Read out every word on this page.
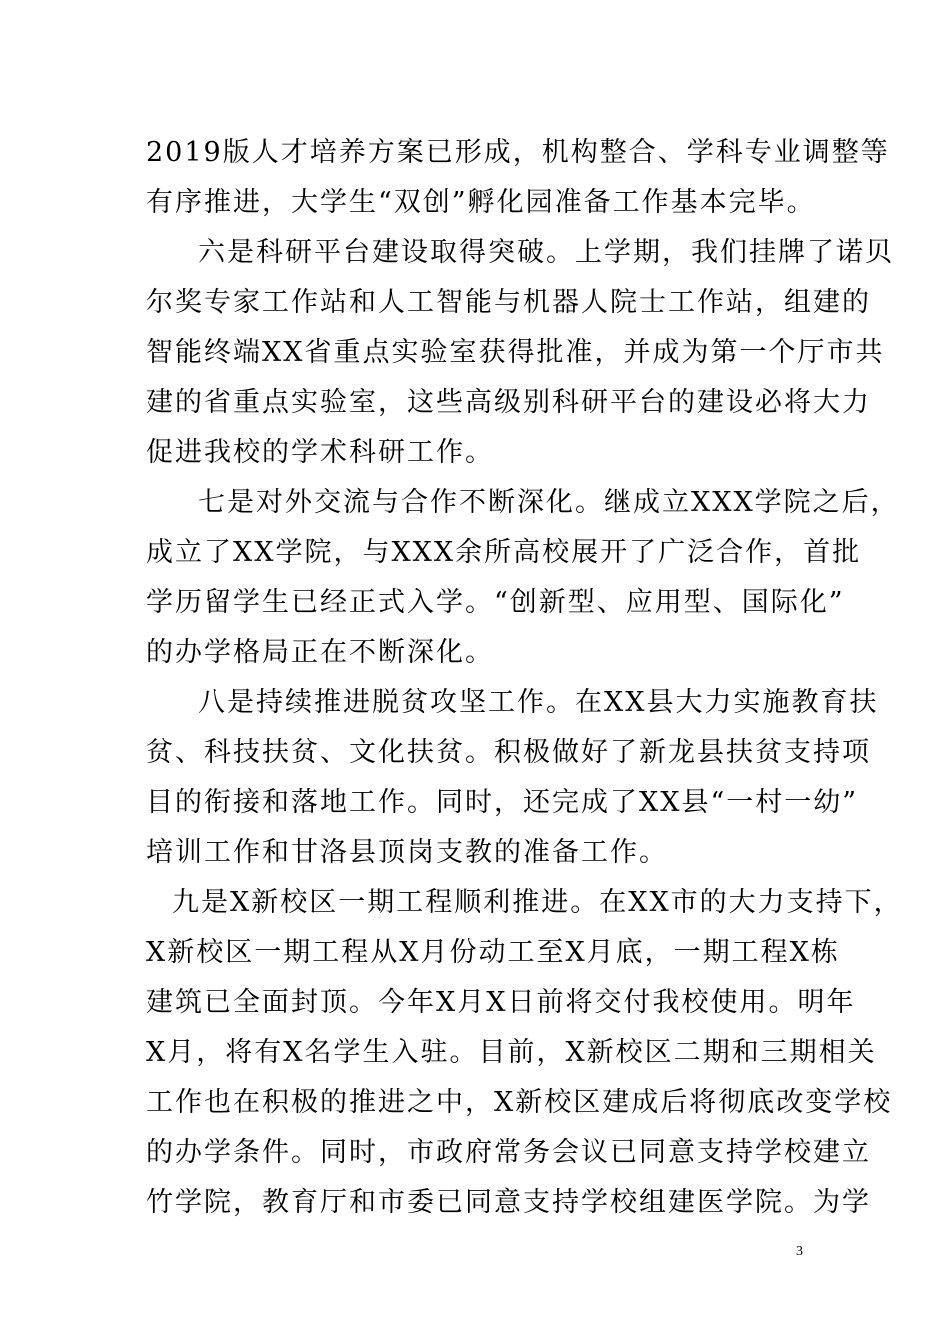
2019版人才培养方案已形成，机构整合、学科专业调整等
有序推进，大学生“双创”孵化园准备工作基本完毕。
六是科研平台建设取得突破。上学期，我们挂牌了诺贝
尔奖专家工作站和人工智能与机器人院士工作站，组建的
智能终端XX省重点实验室获得批准，并成为第一个厅市共
建的省重点实验室，这些高级别科研平台的建设必将大力
促进我校的学术科研工作。
七是对外交流与合作不断深化。继成立XXX学院之后，
成立了XX学院，与XXX余所高校展开了广泛合作，首批
学历留学生已经正式入学。“创新型、应用型、国际化”
的办学格局正在不断深化。
八是持续推进脱贫攻坚工作。在XX县大力实施教育扶
贫、科技扶贫、文化扶贫。积极做好了新龙县扶贫支持项
目的衔接和落地工作。同时，还完成了XX县“一村一幼”
培训工作和甘洛县顶岗支教的准备工作。
九是X新校区一期工程顺利推进。在XX市的大力支持下，
X新校区一期工程从X月份动工至X月底，一期工程X栋
建筑已全面封顶。今年X月X日前将交付我校使用。明年
X月，将有X名学生入驻。目前，X新校区二期和三期相关
工作也在积极的推进之中，X新校区建成后将彻底改变学校
的办学条件。同时，市政府常务会议已同意支持学校建立
竹学院，教育厅和市委已同意支持学校组建医学院。为学
3
